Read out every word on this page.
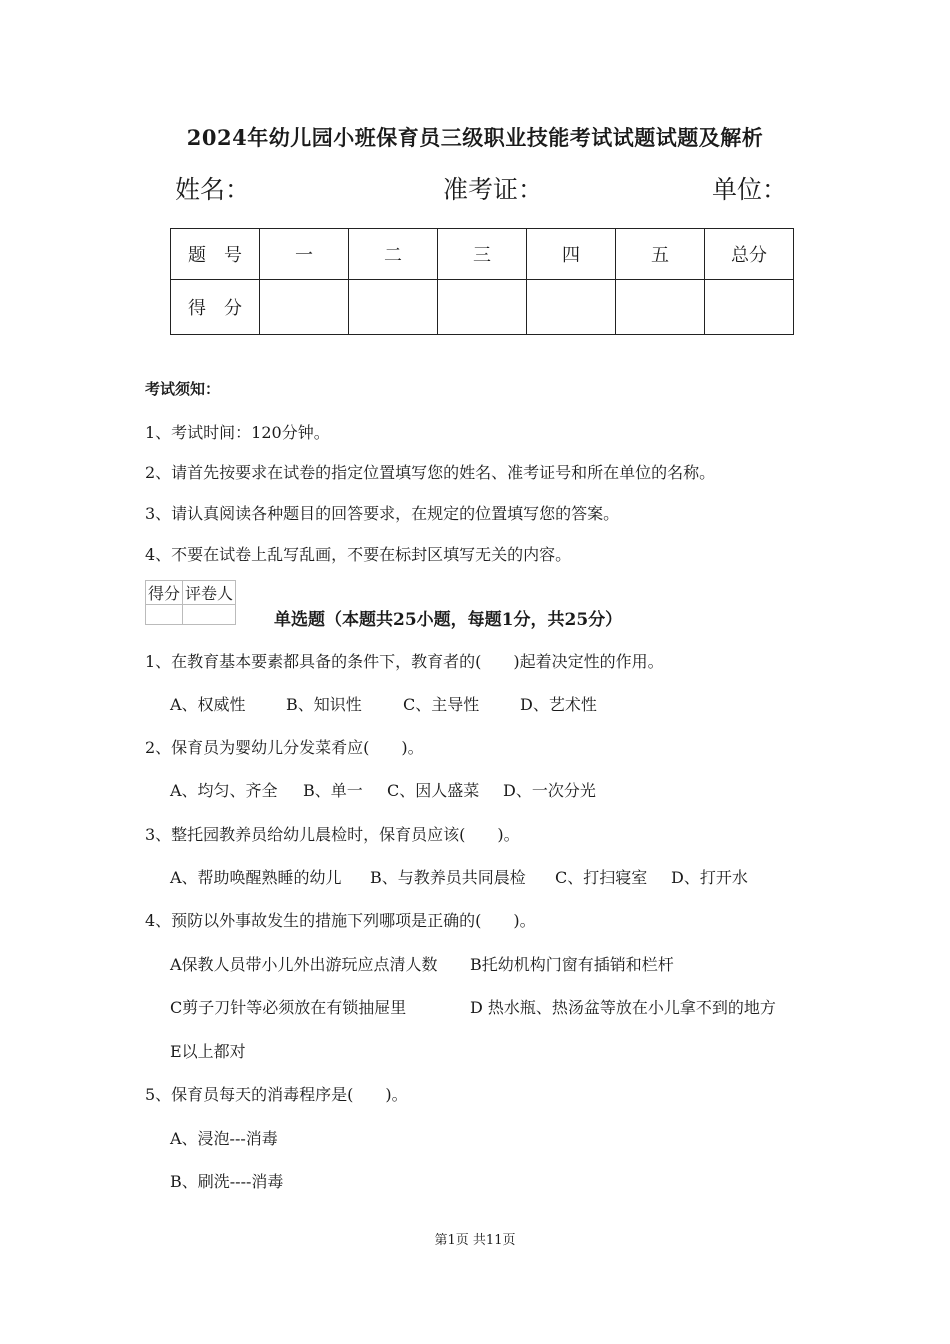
2024年幼儿园小班保育员三级职业技能考试试题试题及解析
姓名：	准考证：	单位：
题　号	一	二	三	四	五	总分
得　分						
考试须知：
1、考试时间：120分钟。
2、请首先按要求在试卷的指定位置填写您的姓名、准考证号和所在单位的名称。
3、请认真阅读各种题目的回答要求，在规定的位置填写您的答案。
4、不要在试卷上乱写乱画，不要在标封区填写无关的内容。
得分	评卷人

单选题（本题共25小题，每题1分，共25分）
1、在教育基本要素都具备的条件下，教育者的(　　)起着决定性的作用。
A、权威性	B、知识性	C、主导性	D、艺术性
2、保育员为婴幼儿分发菜肴应(　　)。
A、均匀、齐全 B、单一 C、因人盛菜 D、一次分光
3、整托园教养员给幼儿晨检时，保育员应该(　　)。
A、帮助唤醒熟睡的幼儿 B、与教养员共同晨检 C、打扫寝室 D、打开水
4、预防以外事故发生的措施下列哪项是正确的(　　)。
A保教人员带小儿外出游玩应点清人数 B托幼机构门窗有插销和栏杆
C剪子刀针等必须放在有锁抽屉里	D 热水瓶、热汤盆等放在小儿拿不到的地方
E以上都对
5、保育员每天的消毒程序是(　　)。
A、浸泡---消毒
B、刷洗----消毒
第1页 共11页
